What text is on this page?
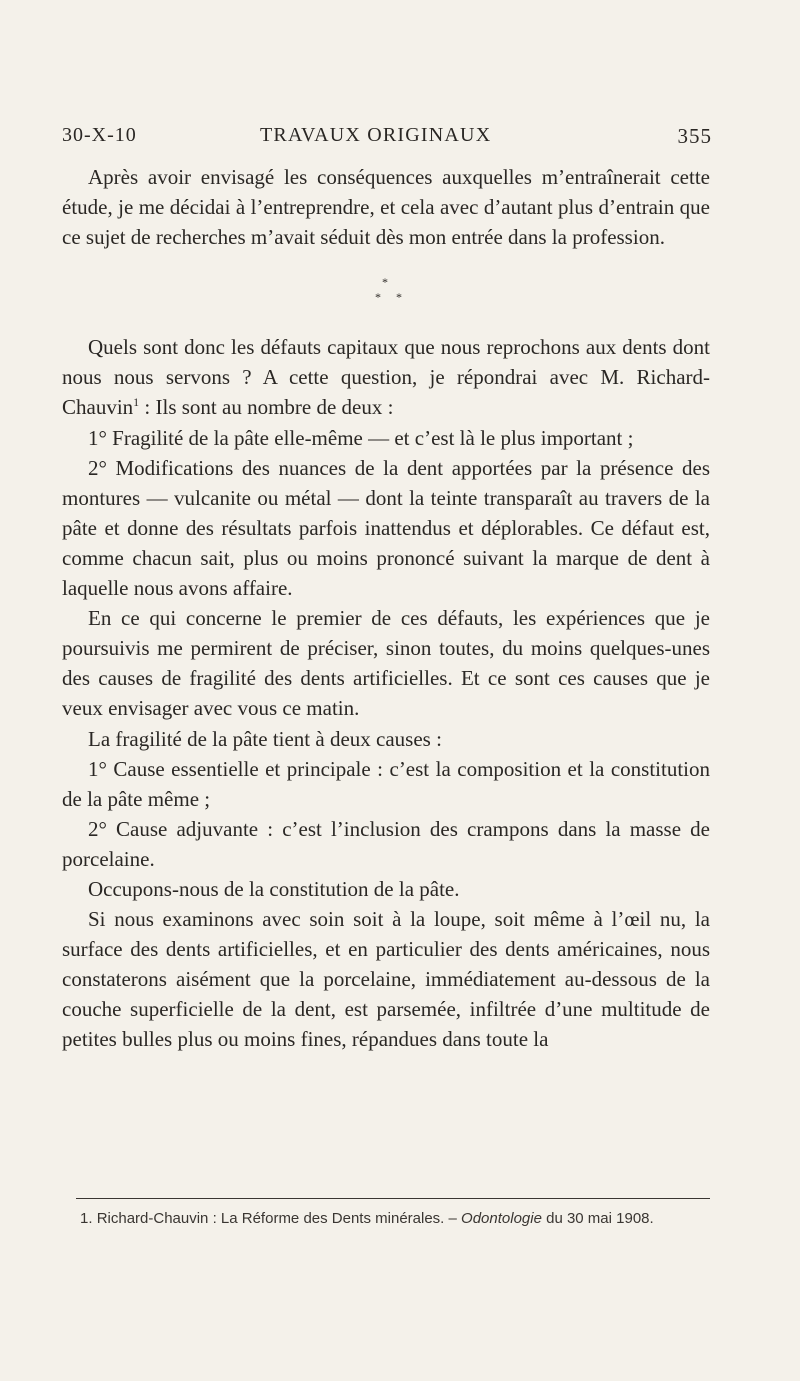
30-X-10	TRAVAUX ORIGINAUX	355

Après avoir envisagé les conséquences auxquelles m’entraînerait cette étude, je me décidai à l’entreprendre, et cela avec d’autant plus d’entrain que ce sujet de recherches m’avait séduit dès mon entrée dans la profession.

*
* *

Quels sont donc les défauts capitaux que nous reprochons aux dents dont nous nous servons ? A cette question, je répondrai avec M. Richard-Chauvin$^1$ : Ils sont au nombre de deux :

1° Fragilité de la pâte elle-même — et c’est là le plus important ;

2° Modifications des nuances de la dent apportées par la présence des montures — vulcanite ou métal — dont la teinte transparaît au travers de la pâte et donne des résultats parfois inattendus et déplorables. Ce défaut est, comme chacun sait, plus ou moins prononcé suivant la marque de dent à laquelle nous avons affaire.

En ce qui concerne le premier de ces défauts, les expériences que je poursuivis me permirent de préciser, sinon toutes, du moins quelques-unes des causes de fragilité des dents artificielles. Et ce sont ces causes que je veux envisager avec vous ce matin.

La fragilité de la pâte tient à deux causes :

1° Cause essentielle et principale : c’est la composition et la constitution de la pâte même ;

2° Cause adjuvante : c’est l’inclusion des crampons dans la masse de porcelaine.

Occupons-nous de la constitution de la pâte.

Si nous examinons avec soin soit à la loupe, soit même à l’œil nu, la surface des dents artificielles, et en particulier des dents américaines, nous constaterons aisément que la porcelaine, immédiatement au-dessous de la couche superficielle de la dent, est parsemée, infiltrée d’une multitude de petites bulles plus ou moins fines, répandues dans toute la

1. Richard-Chauvin : La Réforme des Dents minérales. – Odontologie du 30 mai 1908.
